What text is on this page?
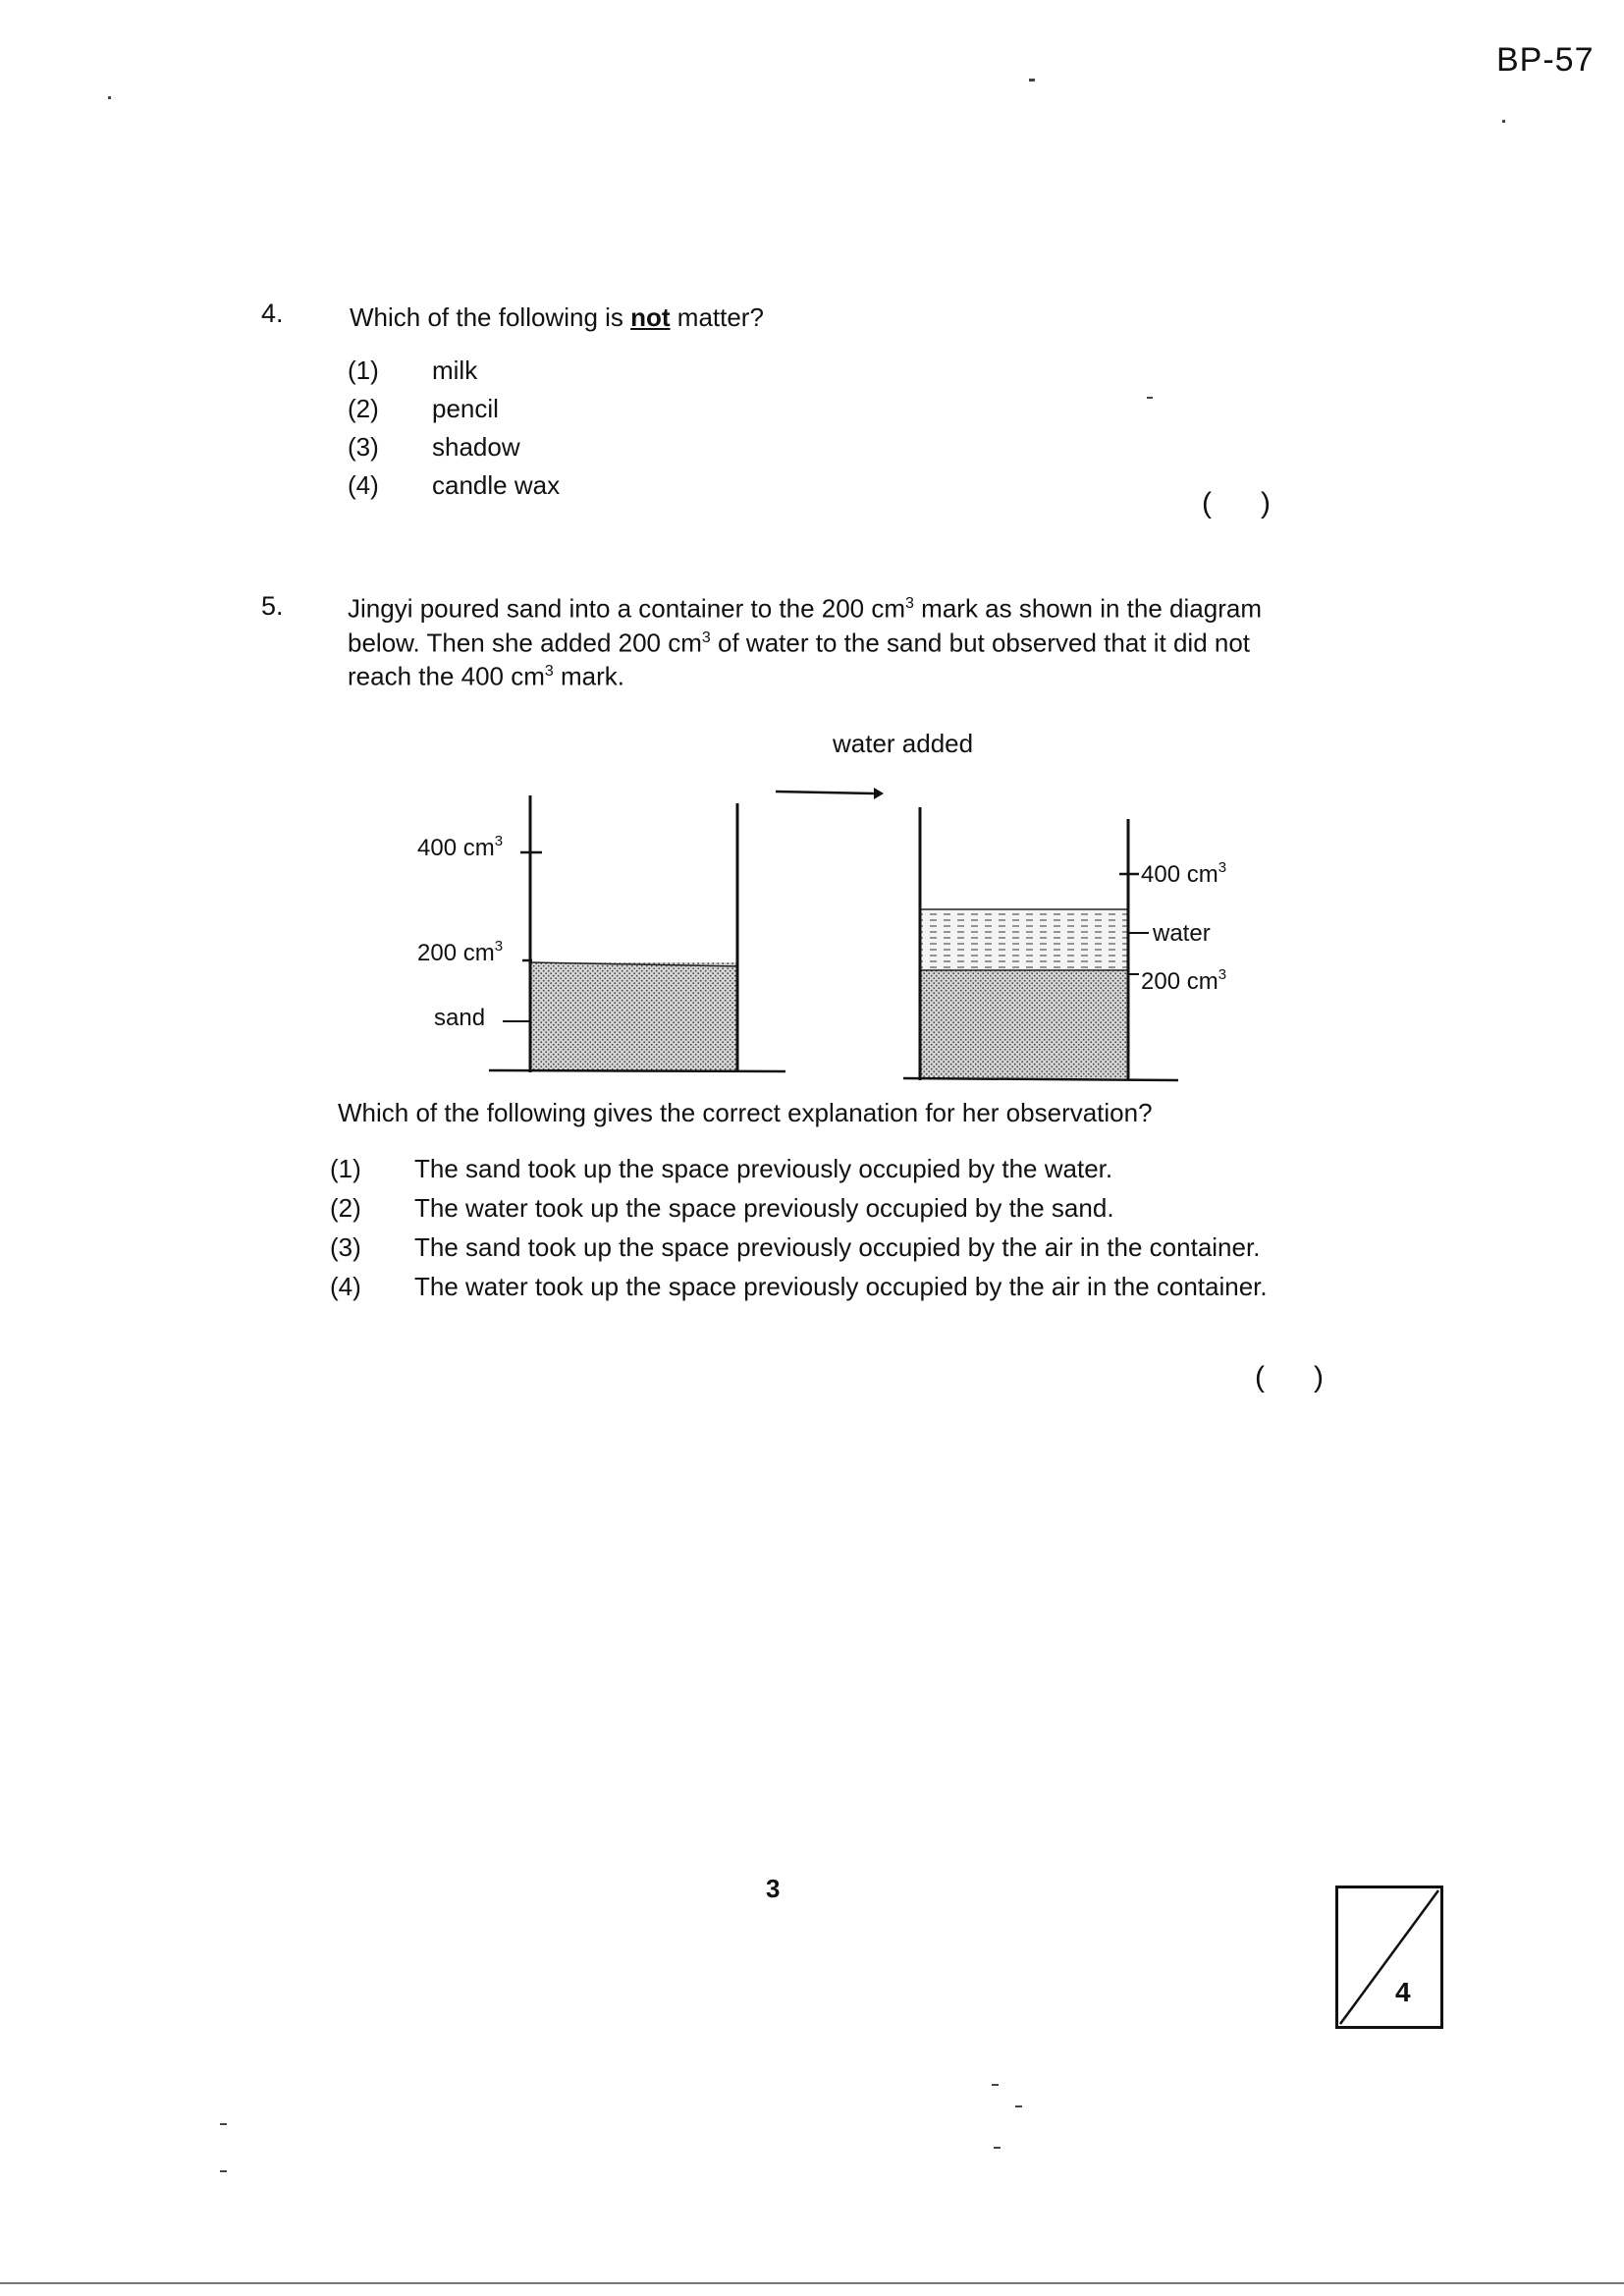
BP-57
4.	Which of the following is not matter?
(1) milk
(2) pencil
(3) shadow
(4) candle wax
( )
5.	Jingyi poured sand into a container to the 200 $cm^3$ mark as shown in the diagram
below. Then she added 200 $cm^3$ of water to the sand but observed that it did not
reach the 400 $cm^3$ mark.
water added
400 $cm^3$
200 $cm^3$
sand
400 $cm^3$
water
200 $cm^3$
Which of the following gives the correct explanation for her observation?
(1) The sand took up the space previously occupied by the water.
(2) The water took up the space previously occupied by the sand.
(3) The sand took up the space previously occupied by the air in the container.
(4) The water took up the space previously occupied by the air in the container.
( )
3
4
